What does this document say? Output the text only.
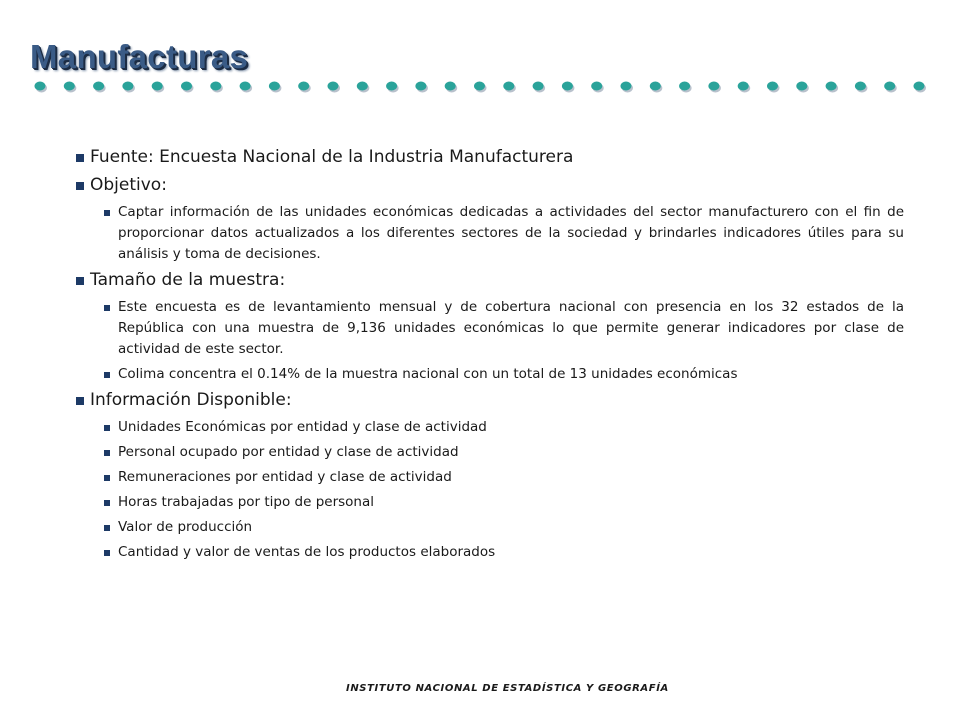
Manufacturas
Fuente: Encuesta Nacional de la Industria Manufacturera
Objetivo:
Captar información de las unidades económicas dedicadas a actividades del sector manufacturero con el fin de proporcionar datos actualizados a los diferentes sectores de la sociedad y brindarles indicadores útiles para su análisis y toma de decisiones.
Tamaño de la muestra:
Este encuesta es de levantamiento mensual y de cobertura nacional con presencia en los 32 estados de la República con una muestra de 9,136 unidades económicas lo que permite generar indicadores por clase de actividad de este sector.
Colima concentra el 0.14% de la muestra nacional con un total de 13 unidades económicas
Información Disponible:
Unidades Económicas por entidad y clase de actividad
Personal ocupado por entidad y clase de actividad
Remuneraciones por entidad y clase de actividad
Horas trabajadas por tipo de personal
Valor de producción
Cantidad y valor de ventas de los productos elaborados
INSTITUTO NACIONAL DE ESTADÍSTICA Y GEOGRAFÍA
